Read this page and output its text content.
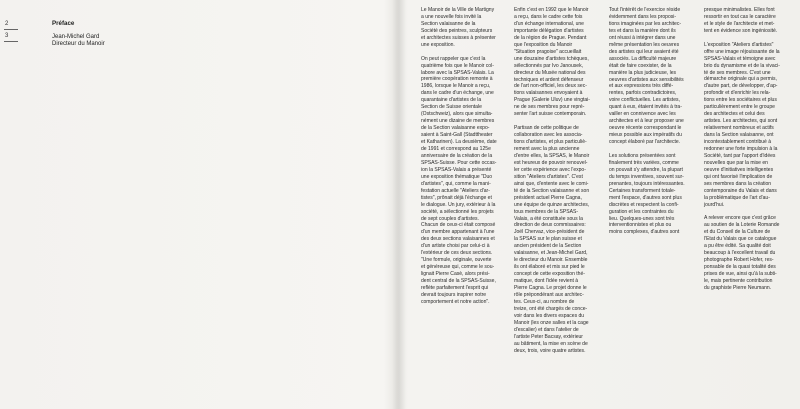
2
3
Préface
Jean-Michel Gard
Directeur du Manoir

Le Manoir de la Ville de Martigny
a une nouvelle fois invité la
Section valaisanne de la
Société des peintres, sculpteurs
et architectes suisses à présenter
une exposition.

On peut rappeler que c'est la
quatrième fois que le Manoir col-
labore avec la SPSAS-Valais. La
première coopération remonte à
1986, lorsque le Manoir a reçu,
dans le cadre d'un échange, une
quarantaine d'artistes de la
Section de Suisse orientale
(Ostschweiz), alors que simulta-
nément une dizaine de membres
de la Section valaisanne expo-
saient à Saint-Gall (Stadttheater
et Katharinen). La deuxième, date
de 1991 et correspond au 125e
anniversaire de la création de la
SPSAS-Suisse. Pour cette occas-
ion la SPSAS-Valais a présenté
une exposition thématique "Duo
d'artistes", qui, comme la mani-
festation actuelle "Ateliers d'ar-
tistes", prônait déjà l'échange et
le dialogue. Un jury, extérieur à la
société, a sélectionné les projets
de sept couples d'artistes.
Chacun de ceux-ci était composé
d'un membre appartenant à l'une
des deux sections valaisannes et
d'un artiste choisi par celui-ci à
l'extérieur de ces deux sections.
"Une formule, originale, ouverte
et généreuse qui, comme le sou-
lignait Pierre Casè, alors prési-
dent central de la SPSAS-Suisse,
reflète parfaitement l'esprit qui
devrait toujours inspirer notre
comportement et notre action".

Enfin c'est en 1992 que le Manoir
a reçu, dans le cadre cette fois
d'un échange international, une
importante délégation d'artistes
de la région de Prague. Pendant
que l'exposition du Manoir
"Situation pragoise" accueillait
une douzaine d'artistes tchèques,
sélectionnés par Ivo Janousek,
directeur du Musée national des
techniques et ardent défenseur
de l'art non-officiel, les deux sec-
tions valaisannes envoyaient à
Prague (Galerie Uluv) une vingtai-
ne de ses membres pour repré-
senter l'art suisse contemporain.

Partisan de cette politique de
collaboration avec les associa-
tions d'artistes, et plus particuliè-
rement avec la plus ancienne
d'entre elles, la SPSAS, le Manoir
est heureux de pouvoir renouvel-
ler cette expérience avec l'expo-
sition "Ateliers d'artistes". C'est
ainsi que, d'entente avec le comi-
té de la Section valaisanne et son
président actuel Pierre Cagna,
une équipe de quinze architectes,
tous membres de la SPSAS-
Valais, a été constituée sous la
direction de deux commissaires:
Joël Chervaz, vice-président de
la SPSAS sur le plan suisse et
ancien président de la Section
valaisanne, et Jean-Michel Gard,
le directeur du Manoir. Ensemble
ils ont élaboré et mis sur pied le
concept de cette exposition thé-
matique, dont l'idée revient à
Pierre Cagna. Le projet donne le
rôle prépondérant aux architec-
tes. Ceux-ci, au nombre de
treize, ont été chargés de conce-
voir dans les divers espaces du
Manoir (les onze salles et la cage
d'escalier) et dans l'atelier de
l'artiste Peter Bacsay, extérieur
au bâtiment, la mise en scène de
deux, trois, voire quatre artistes.

Tout l'intérêt de l'exercice réside
évidemment dans les proposi-
tions imaginées par les architec-
tes et dans la manière dont ils
ont réussi à intégrer dans une
même présentation les oeuvres
des artistes qui leur avaient été
associés. La difficulté majeure
était de faire coexister, de la
manière la plus judicieuse, les
oeuvres d'artistes aux sensibilités
et aux expressions très diffé-
rentes, parfois contradictoires,
voire conflictuelles. Les artistes,
quant à eux, étaient invités à tra-
vailler en connivence avec les
architectes et à leur proposer une
oeuvre récente correspondant le
mieux possible aux impératifs du
concept élaboré par l'architecte.

Les solutions présentées sont
finalement très variées, comme
on pouvait s'y attendre, la plupart
du temps inventives, souvent sur-
prenantes, toujours intéressantes.
Certaines transforment totale-
ment l'espace, d'autres sont plus
discrètes et respectent la confi-
guration et les contraintes du
lieu. Quelques-unes sont très
interventionnistes et plus ou
moins complexes, d'autres sont

presque minimalistes. Elles font
ressortir en tout cas le caractère
et le style de l'architecte et met-
tent en évidence son ingéniosité.

L'exposition "Ateliers d'artistes"
offre une image réjouissante de la
SPSAS-Valais et témoigne avec
brio du dynamisme et de la vivaci-
té de ses membres. C'est une
démarche originale qui a permis,
d'autre part, de développer, d'ap-
profondir et d'enrichir les rela-
tions entre les sociétaires et plus
particulièrement entre le groupe
des architectes et celui des
artistes. Les architectes, qui sont
relativement nombreux et actifs
dans la Section valaisanne, ont
incontestablement contribué à
redonner une forte impulsion à la
Société, tant par l'apport d'idées
nouvelles que par la mise en
oeuvre d'initiatives intelligentes
qui ont favorisé l'implication de
ses membres dans la création
contemporaine du Valais et dans
la problématique de l'art d'au-
jourd'hui.

A relever encore que c'est grâce
au soutien de la Loterie Romande
et du Conseil de la Culture de
l'Etat du Valais que ce catalogue
a pu être édité. Sa qualité doit
beaucoup à l'excellent travail du
photographe Robert Hofer, res-
ponsable de la quasi totalité des
prises de vue, ainsi qu'à la subti-
le, mais pertinente contribution
du graphiste Pierre Neumann.
